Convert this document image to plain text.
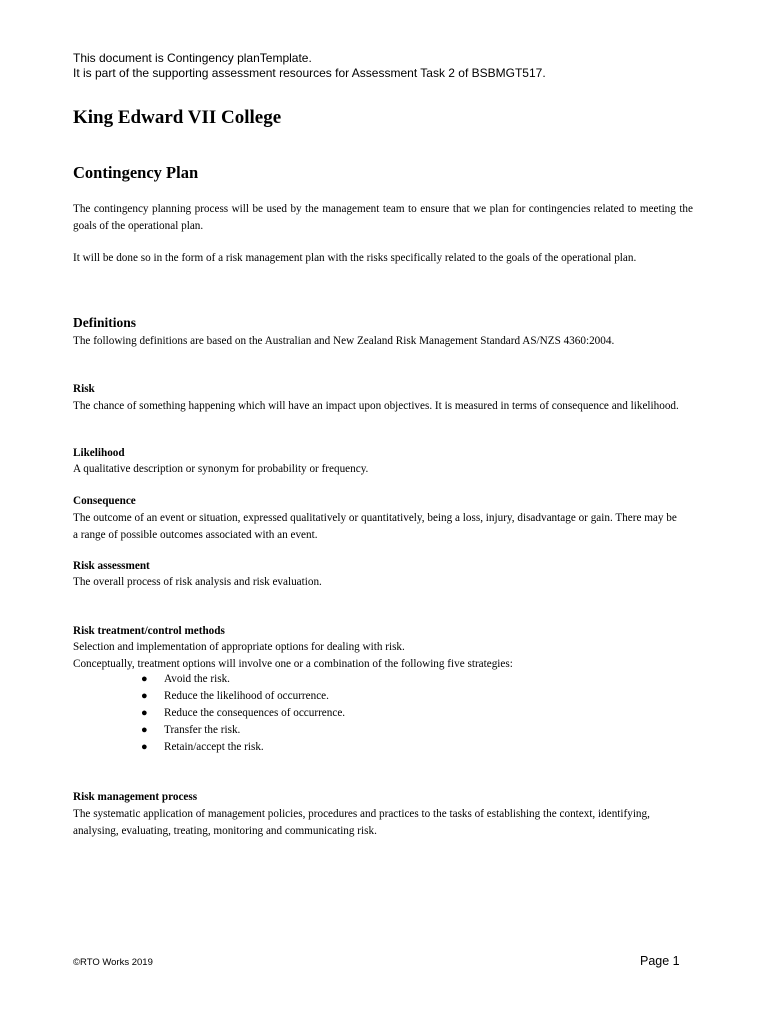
This document is Contingency planTemplate.
It is part of the supporting assessment resources for Assessment Task 2 of BSBMGT517.
King Edward VII College
Contingency Plan
The contingency planning process will be used by the management team to ensure that we plan for contingencies related to meeting the goals of the operational plan.
It will be done so in the form of a risk management plan with the risks specifically related to the goals of the operational plan.
Definitions
The following definitions are based on the Australian and New Zealand Risk Management Standard AS/NZS 4360:2004.
Risk
The chance of something happening which will have an impact upon objectives. It is measured in terms of consequence and likelihood.
Likelihood
A qualitative description or synonym for probability or frequency.
Consequence
The outcome of an event or situation, expressed qualitatively or quantitatively, being a loss, injury, disadvantage or gain. There may be a range of possible outcomes associated with an event.
Risk assessment
The overall process of risk analysis and risk evaluation.
Risk treatment/control methods
Selection and implementation of appropriate options for dealing with risk.
Conceptually, treatment options will involve one or a combination of the following five strategies:
● Avoid the risk.
● Reduce the likelihood of occurrence.
● Reduce the consequences of occurrence.
● Transfer the risk.
● Retain/accept the risk.
Risk management process
The systematic application of management policies, procedures and practices to the tasks of establishing the context, identifying, analysing, evaluating, treating, monitoring and communicating risk.
©RTO Works 2019	Page 1
